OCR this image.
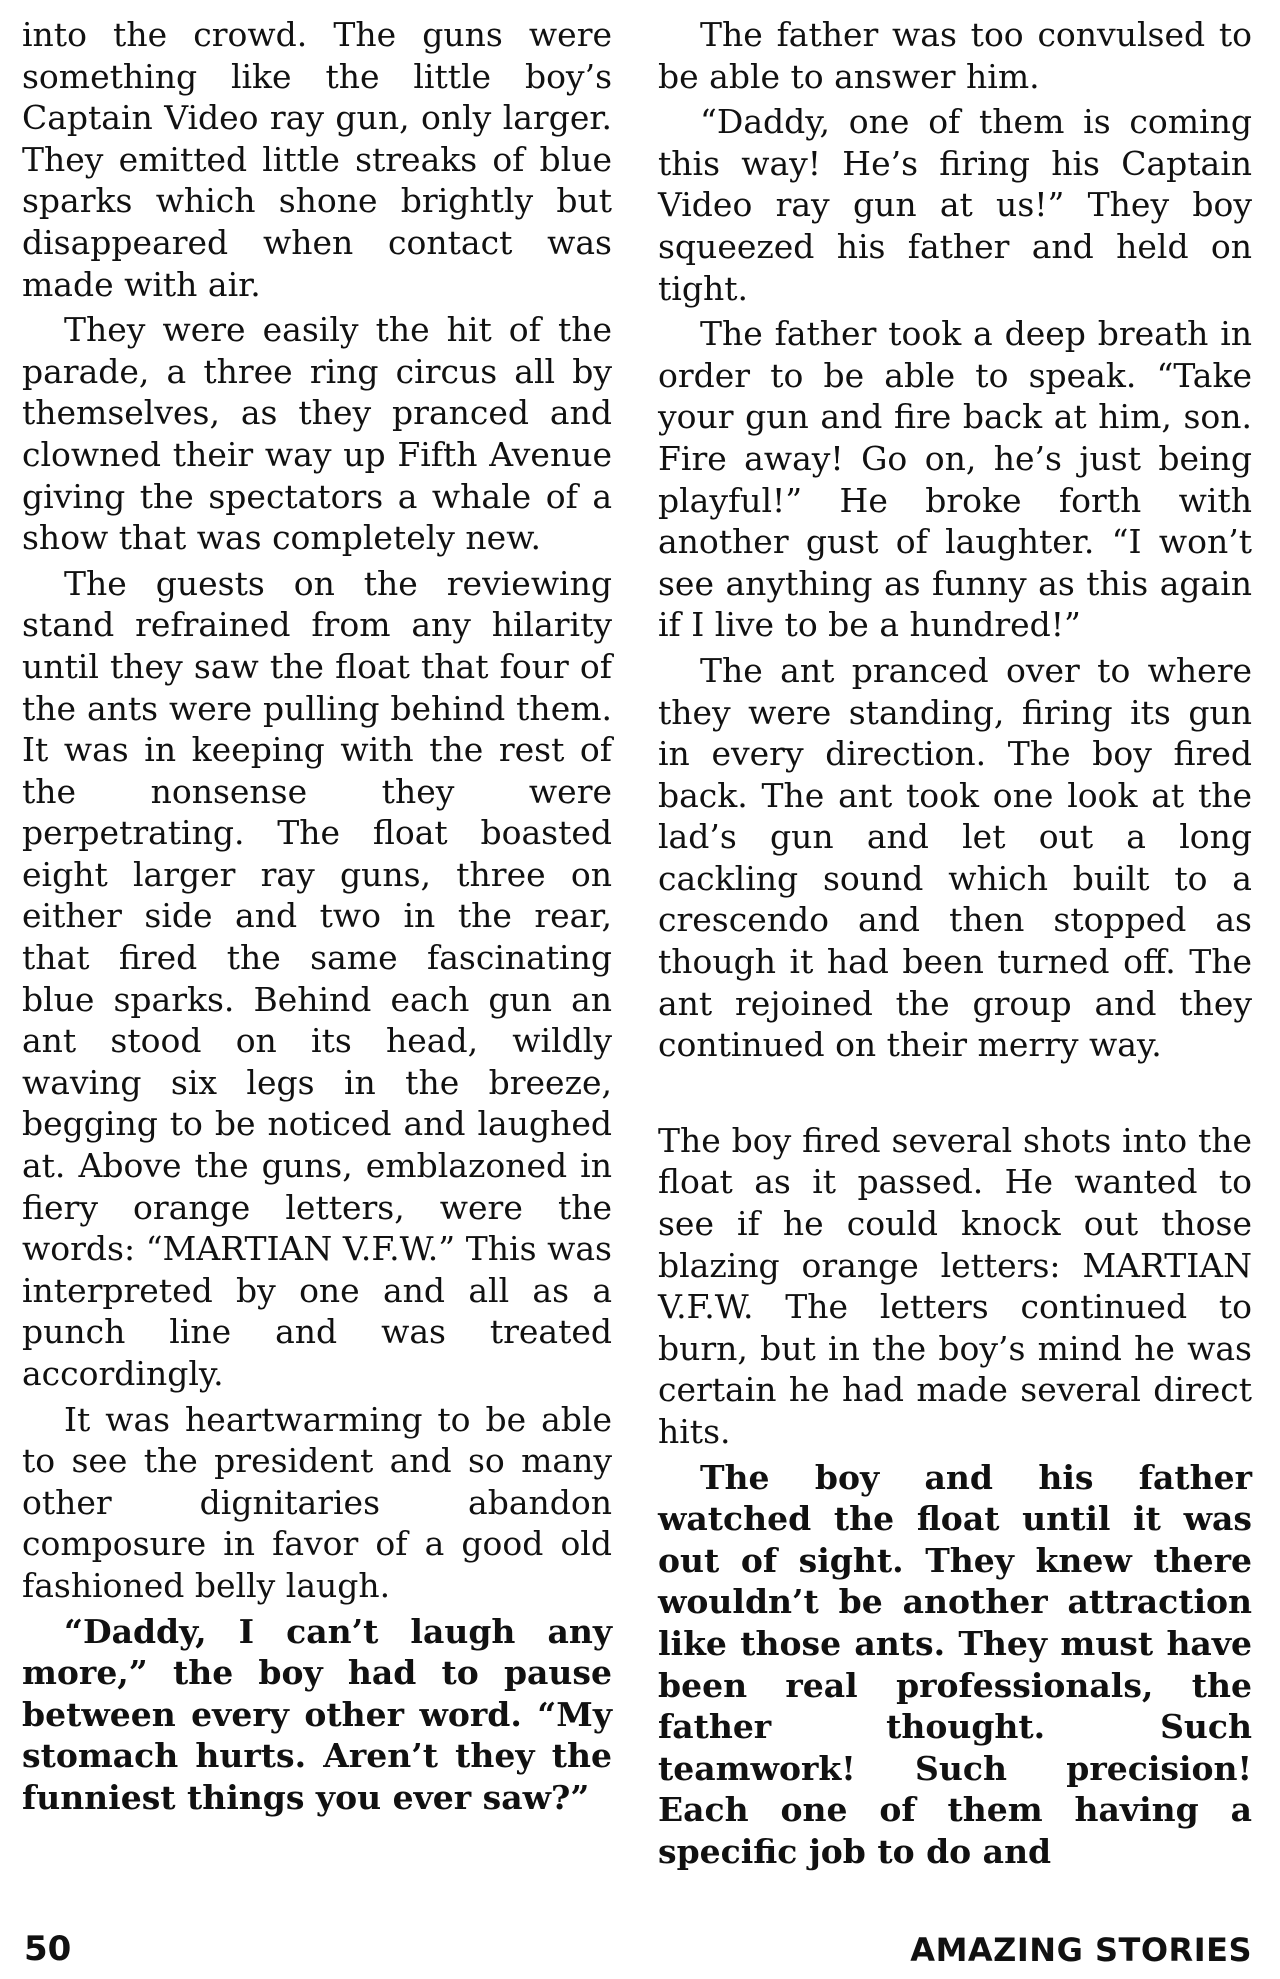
into the crowd. The guns were something like the little boy’s Captain Video ray gun, only larger. They emitted little streaks of blue sparks which shone brightly but disappeared when contact was made with air.

They were easily the hit of the parade, a three ring circus all by themselves, as they pranced and clowned their way up Fifth Avenue giving the spectators a whale of a show that was completely new.

The guests on the reviewing stand refrained from any hilarity until they saw the float that four of the ants were pulling behind them. It was in keeping with the rest of the nonsense they were perpetrating. The float boasted eight larger ray guns, three on either side and two in the rear, that fired the same fascinating blue sparks. Behind each gun an ant stood on its head, wildly waving six legs in the breeze, begging to be noticed and laughed at. Above the guns, emblazoned in fiery orange letters, were the words: “MARTIAN V.F.W.” This was interpreted by one and all as a punch line and was treated accordingly.

It was heartwarming to be able to see the president and so many other dignitaries abandon composure in favor of a good old fashioned belly laugh.

“Daddy, I can’t laugh any more,” the boy had to pause between every other word. “My stomach hurts. Aren’t they the funniest things you ever saw?”

The father was too convulsed to be able to answer him.

“Daddy, one of them is coming this way! He’s firing his Captain Video ray gun at us!” They boy squeezed his father and held on tight.

The father took a deep breath in order to be able to speak. “Take your gun and fire back at him, son. Fire away! Go on, he’s just being playful!” He broke forth with another gust of laughter. “I won’t see anything as funny as this again if I live to be a hundred!”

The ant pranced over to where they were standing, firing its gun in every direction. The boy fired back. The ant took one look at the lad’s gun and let out a long cackling sound which built to a crescendo and then stopped as though it had been turned off. The ant rejoined the group and they continued on their merry way.

The boy fired several shots into the float as it passed. He wanted to see if he could knock out those blazing orange letters: MARTIAN V.F.W. The letters continued to burn, but in the boy’s mind he was certain he had made several direct hits.

The boy and his father watched the float until it was out of sight. They knew there wouldn’t be another attraction like those ants. They must have been real professionals, the father thought. Such teamwork! Such precision! Each one of them having a specific job to do and

50	AMAZING STORIES
